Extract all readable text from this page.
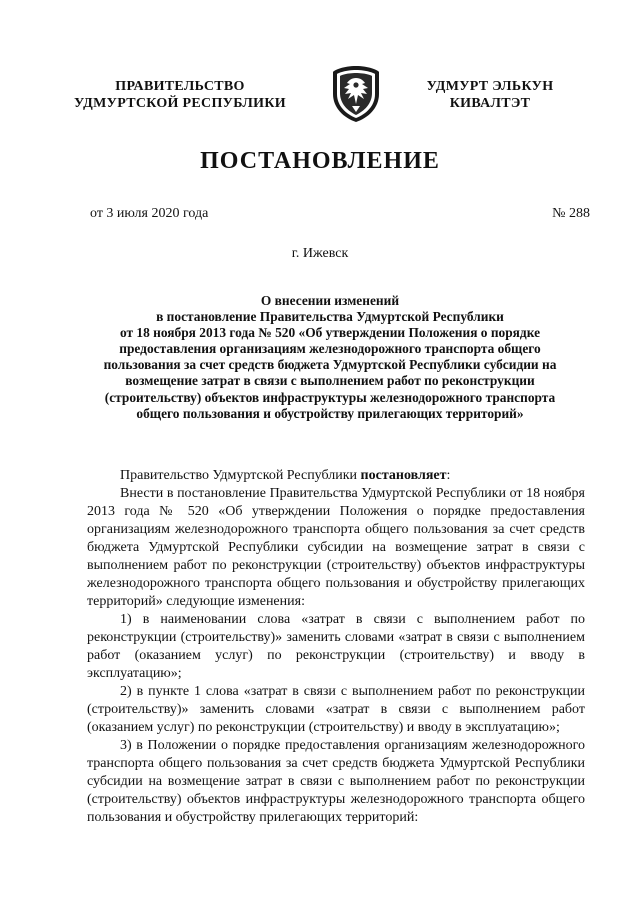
ПРАВИТЕЛЬСТВО
УДМУРТСКОЙ РЕСПУБЛИКИ
УДМУРТ ЭЛЬКУН
КИВАЛТЭТ
ПОСТАНОВЛЕНИЕ
от 3 июля 2020 года	№ 288
г. Ижевск
О внесении изменений
в постановление Правительства Удмуртской Республики
от 18 ноября 2013 года № 520 «Об утверждении Положения о порядке
предоставления организациям железнодорожного транспорта общего
пользования за счет средств бюджета Удмуртской Республики субсидии на
возмещение затрат в связи с выполнением работ по реконструкции
(строительству) объектов инфраструктуры железнодорожного транспорта
общего пользования и обустройству прилегающих территорий»

Правительство Удмуртской Республики постановляет:

Внести в постановление Правительства Удмуртской Республики от 18 ноября 2013 года № 520 «Об утверждении Положения о порядке предоставления организациям железнодорожного транспорта общего пользования за счет средств бюджета Удмуртской Республики субсидии на возмещение затрат в связи с выполнением работ по реконструкции (строительству) объектов инфраструктуры железнодорожного транспорта общего пользования и обустройству прилегающих территорий» следующие изменения:

1) в наименовании слова «затрат в связи с выполнением работ по реконструкции (строительству)» заменить словами «затрат в связи с выполнением работ (оказанием услуг) по реконструкции (строительству) и вводу в эксплуатацию»;

2) в пункте 1 слова «затрат в связи с выполнением работ по реконструкции (строительству)» заменить словами «затрат в связи с выполнением работ (оказанием услуг) по реконструкции (строительству) и вводу в эксплуатацию»;

3) в Положении о порядке предоставления организациям железнодорожного транспорта общего пользования за счет средств бюджета Удмуртской Республики субсидии на возмещение затрат в связи с выполнением работ по реконструкции (строительству) объектов инфраструктуры железнодорожного транспорта общего пользования и обустройству прилегающих территорий:
